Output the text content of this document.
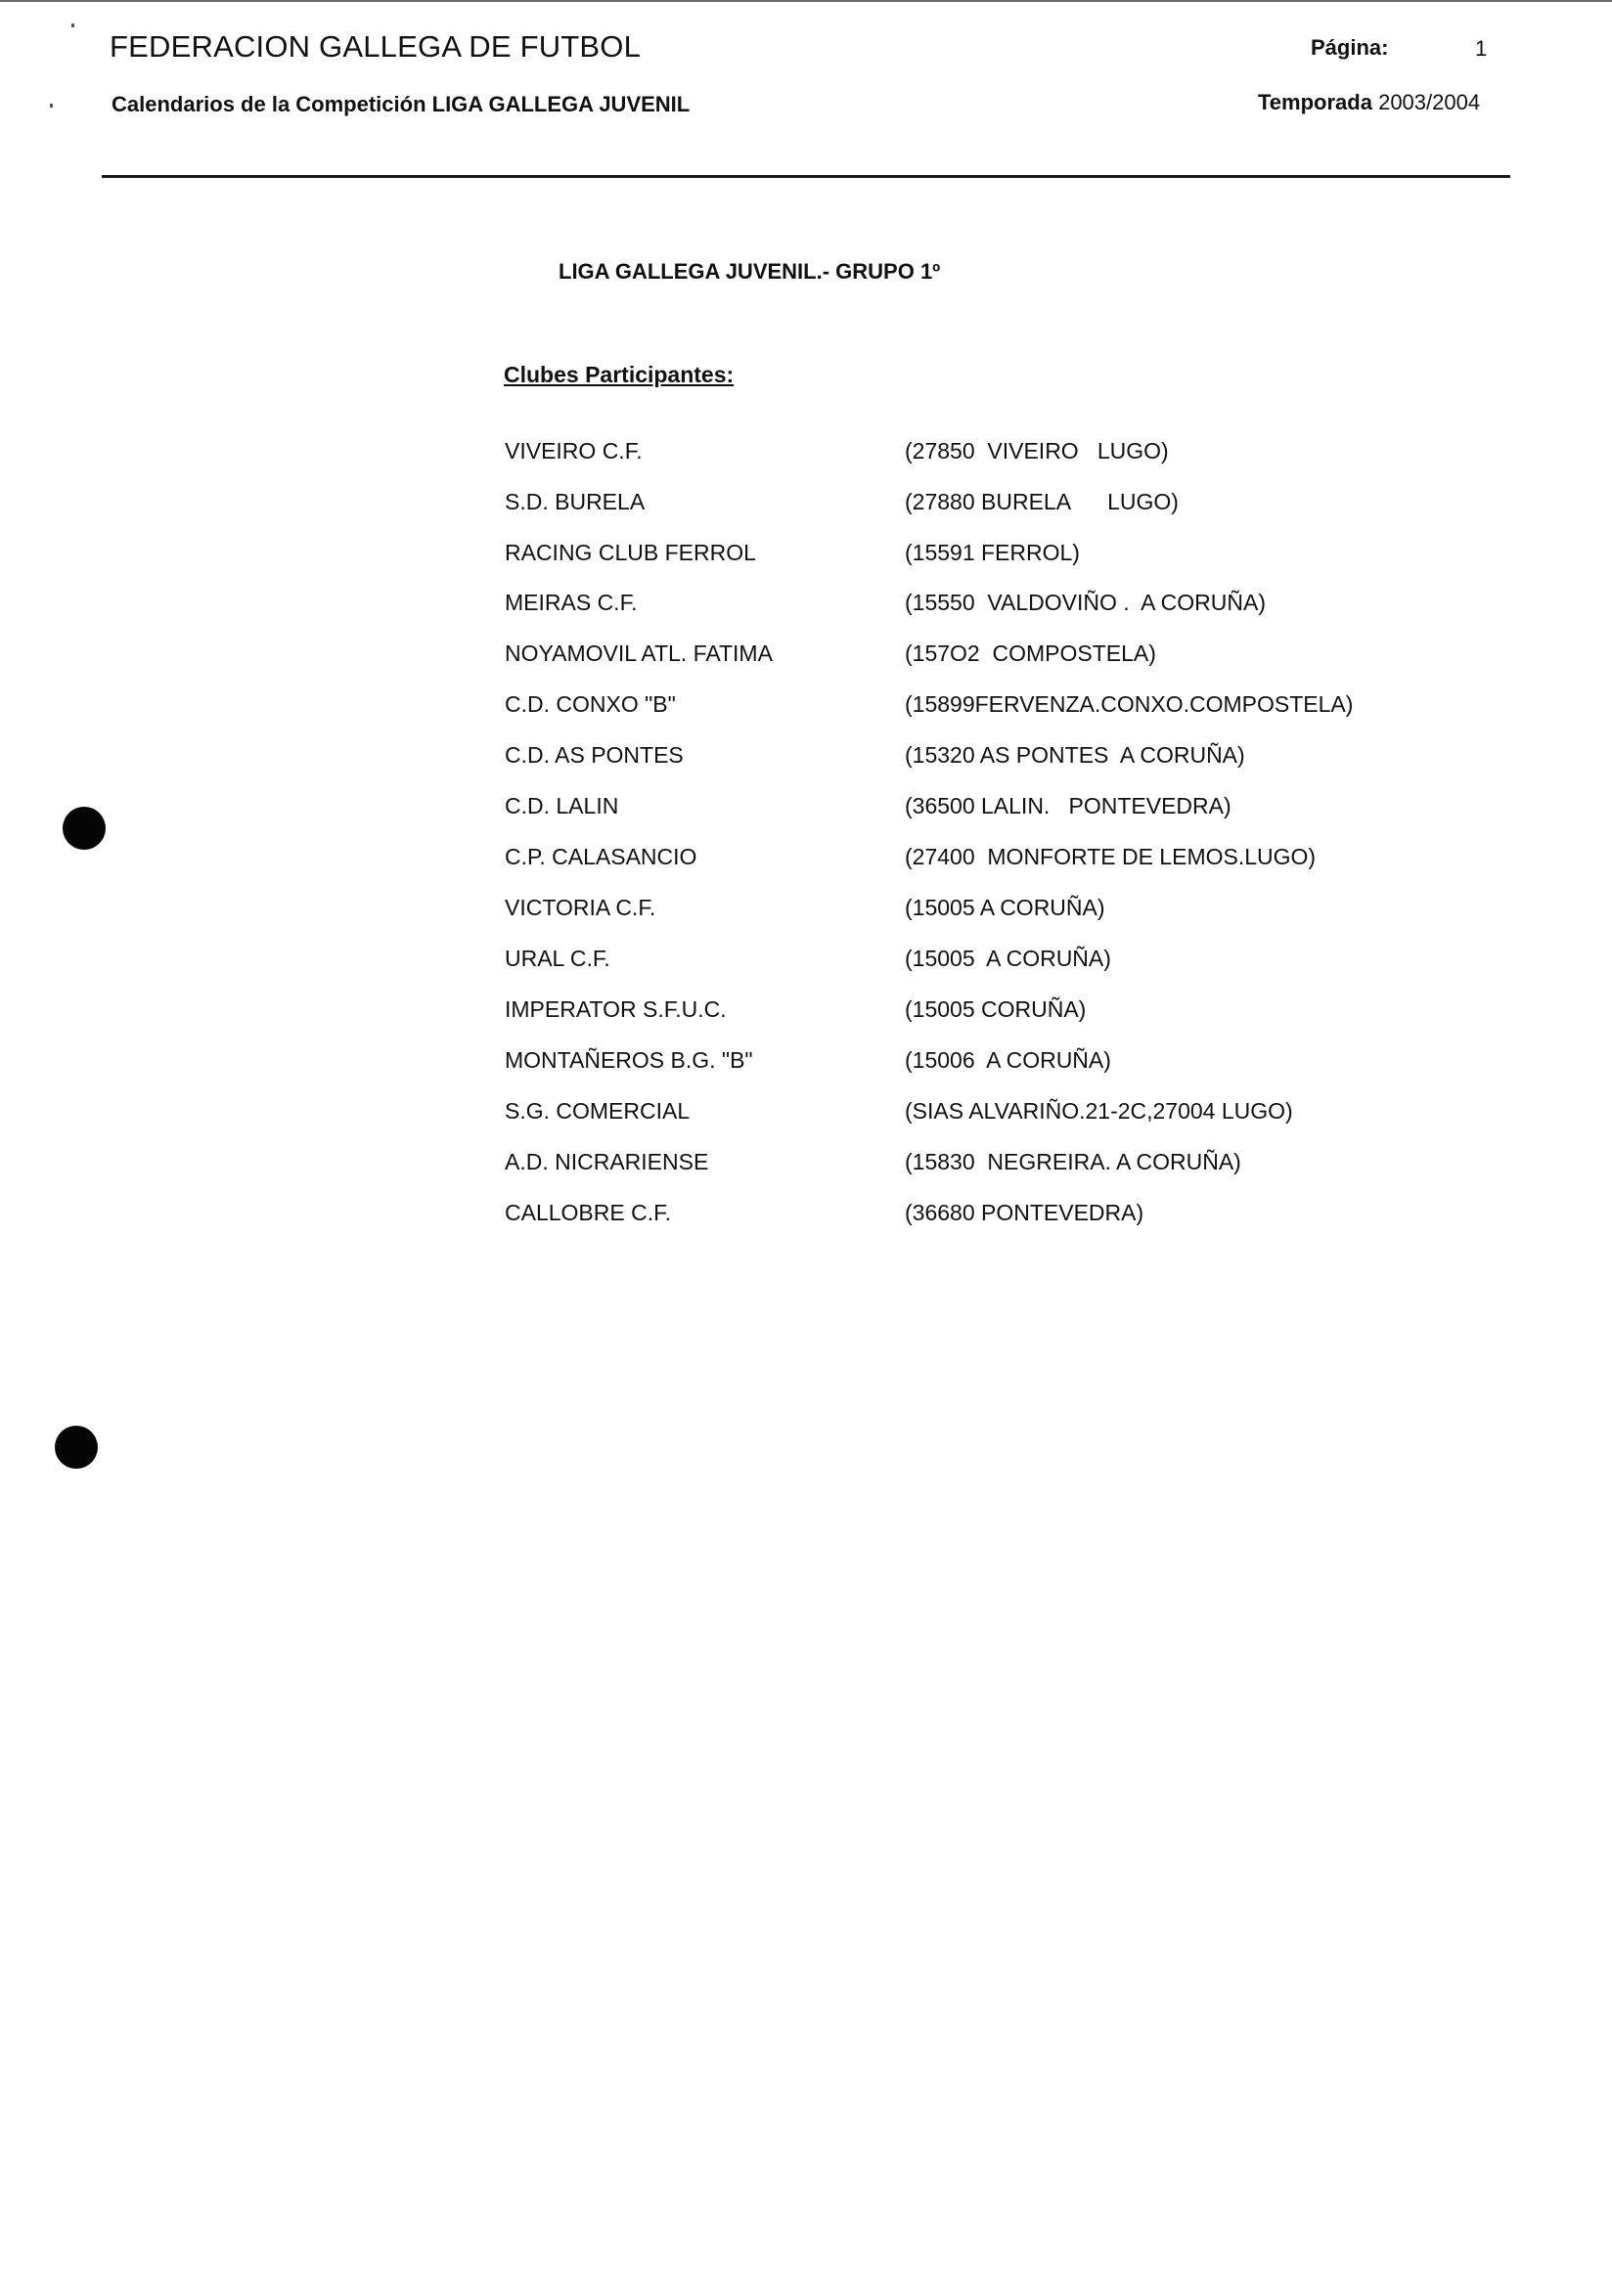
FEDERACION GALLEGA DE FUTBOL
Calendarios de la Competición LIGA GALLEGA JUVENIL
Página:	1
Temporada 2003/2004
LIGA GALLEGA JUVENIL.- GRUPO 1º
Clubes Participantes:
VIVEIRO C.F.	(27850  VIVEIRO   LUGO)
S.D. BURELA	(27880 BURELA      LUGO)
RACING CLUB FERROL	(15591 FERROL)
MEIRAS C.F.	(15550  VALDOVIÑO .  A CORUÑA)
NOYAMOVIL ATL. FATIMA	(157O2  COMPOSTELA)
C.D. CONXO "B"	(15899FERVENZA.CONXO.COMPOSTELA)
C.D. AS PONTES	(15320 AS PONTES  A CORUÑA)
C.D. LALIN	(36500 LALIN.   PONTEVEDRA)
C.P. CALASANCIO	(27400  MONFORTE DE LEMOS.LUGO)
VICTORIA C.F.	(15005 A CORUÑA)
URAL C.F.	(15005  A CORUÑA)
IMPERATOR S.F.U.C.	(15005 CORUÑA)
MONTAÑEROS B.G. "B"	(15006  A CORUÑA)
S.G. COMERCIAL	(SIAS ALVARIÑO.21-2C,27004 LUGO)
A.D. NICRARIENSE	(15830  NEGREIRA. A CORUÑA)
CALLOBRE C.F.	(36680 PONTEVEDRA)
